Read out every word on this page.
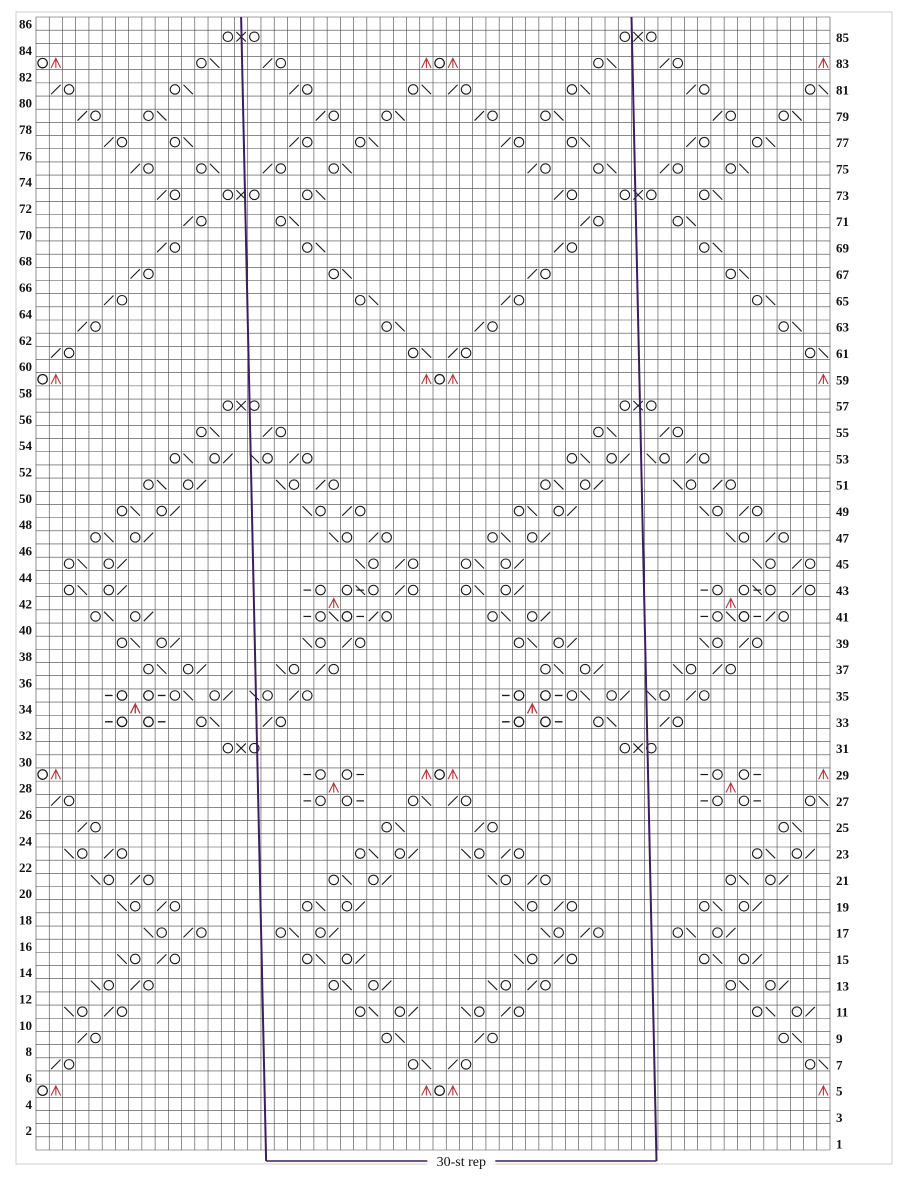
30-st rep
2
4
6
8
10
12
14
16
18
20
22
24
26
28
30
32
34
36
38
40
42
44
46
48
50
52
54
56
58
60
62
64
66
68
70
72
74
76
78
80
82
84
86
1
3
5
7
9
11
13
15
17
19
21
23
25
27
29
31
33
35
37
39
41
43
45
47
49
51
53
55
57
59
61
63
65
67
69
71
73
75
77
79
81
83
85
